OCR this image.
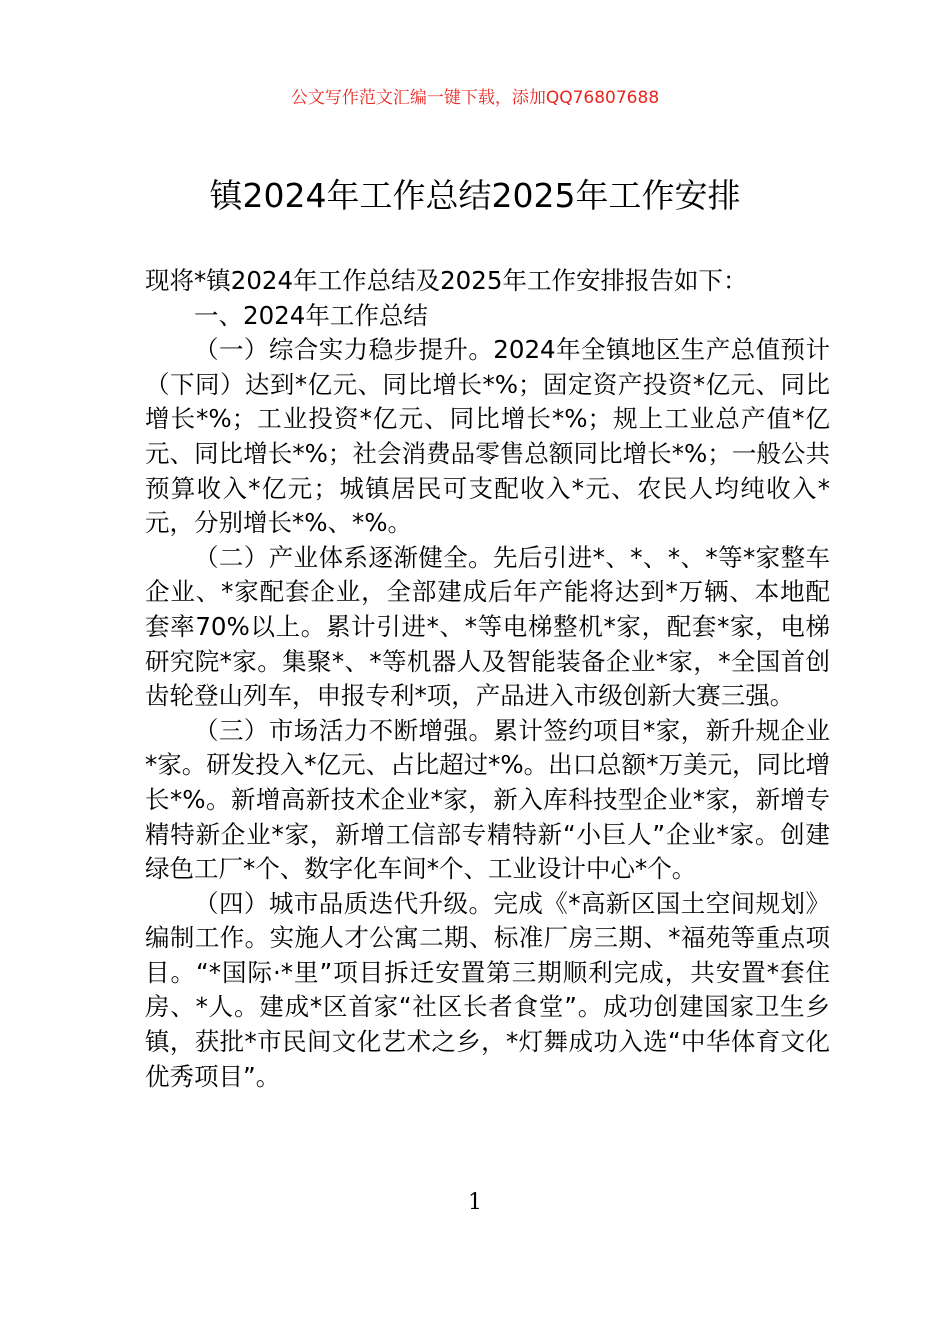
公文写作范文汇编一键下载，添加QQ76807688
镇2024年工作总结2025年工作安排

现将*镇2024年工作总结及2025年工作安排报告如下：

一、2024年工作总结

（一）综合实力稳步提升。2024年全镇地区生产总值预计（下同）达到*亿元、同比增长*%；固定资产投资*亿元、同比增长*%；工业投资*亿元、同比增长*%；规上工业总产值*亿元、同比增长*%；社会消费品零售总额同比增长*%；一般公共预算收入*亿元；城镇居民可支配收入*元、农民人均纯收入*元，分别增长*%、*%。

（二）产业体系逐渐健全。先后引进*、*、*、*等*家整车企业、*家配套企业，全部建成后年产能将达到*万辆、本地配套率70%以上。累计引进*、*等电梯整机*家，配套*家，电梯研究院*家。集聚*、*等机器人及智能装备企业*家，*全国首创齿轮登山列车，申报专利*项，产品进入市级创新大赛三强。

（三）市场活力不断增强。累计签约项目*家，新升规企业*家。研发投入*亿元、占比超过*%。出口总额*万美元，同比增长*%。新增高新技术企业*家，新入库科技型企业*家，新增专精特新企业*家，新增工信部专精特新“小巨人”企业*家。创建绿色工厂*个、数字化车间*个、工业设计中心*个。

（四）城市品质迭代升级。完成《*高新区国土空间规划》编制工作。实施人才公寓二期、标准厂房三期、*福苑等重点项目。“*国际·*里”项目拆迁安置第三期顺利完成，共安置*套住房、*人。建成*区首家“社区长者食堂”。成功创建国家卫生乡镇，获批*市民间文化艺术之乡，*灯舞成功入选“中华体育文化优秀项目”。

1
